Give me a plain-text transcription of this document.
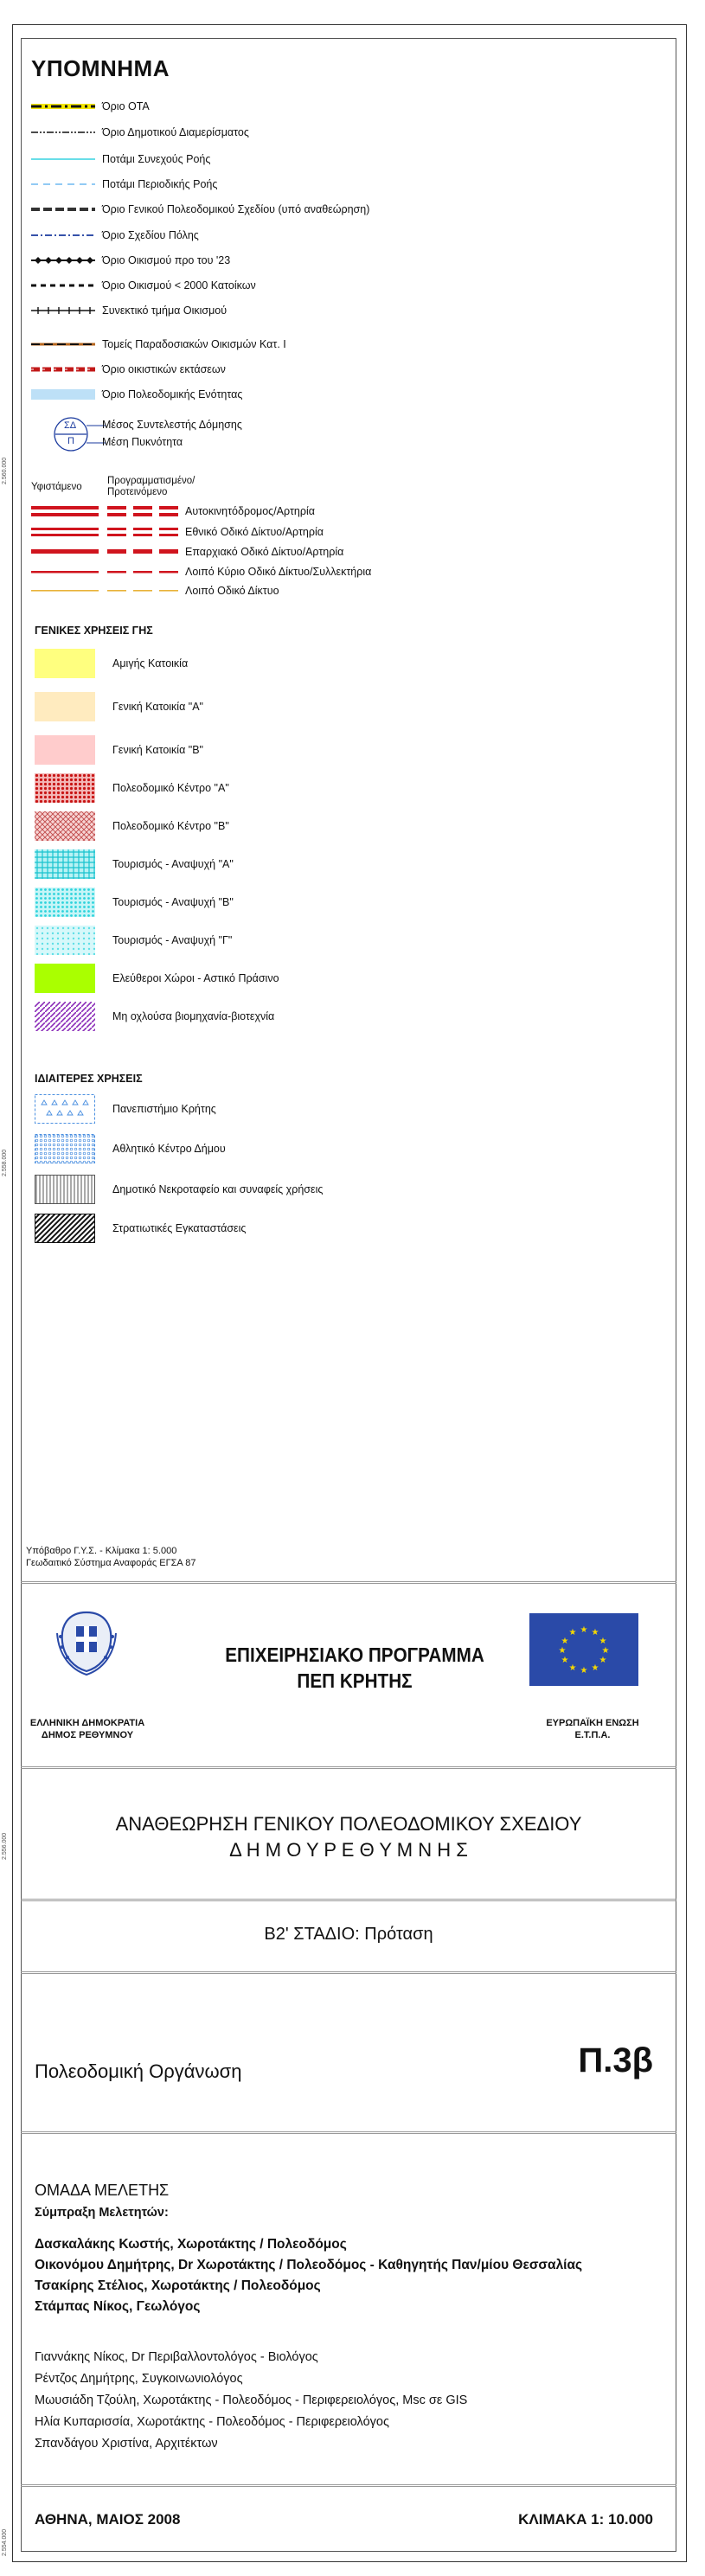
2.560.000
2.558.000
2.556.000
2.554.000
ΥΠΟΜΝΗΜΑ
Όριο ΟΤΑ
Όριο Δημοτικού Διαμερίσματος
Ποτάμι Συνεχούς Ροής
Ποτάμι Περιοδικής Ροής
Όριο Γενικού Πολεοδομικού Σχεδίου (υπό αναθεώρηση)
Όριο Σχεδίου Πόλης
Όριο Οικισμού προ του '23
Όριο Οικισμού < 2000 Κατοίκων
Συνεκτικό τμήμα Οικισμού
Τομείς Παραδοσιακών Οικισμών Κατ. Ι
Όριο οικιστικών εκτάσεων
Όριο Πολεοδομικής Ενότητας
ΣΔ
Π
Μέσος Συντελεστής Δόμησης
Μέση Πυκνότητα
Υφιστάμενο
Προγραμματισμένο/ Προτεινόμενο
Αυτοκινητόδρομος/Αρτηρία
Εθνικό Οδικό Δίκτυο/Αρτηρία
Επαρχιακό Οδικό Δίκτυο/Αρτηρία
Λοιπό Κύριο Οδικό Δίκτυο/Συλλεκτήρια
Λοιπό Οδικό Δίκτυο
ΓΕΝΙΚΕΣ ΧΡΗΣΕΙΣ ΓΗΣ
Αμιγής Κατοικία
Γενική Κατοικία "Α"
Γενική Κατοικία "Β"
Πολεοδομικό Κέντρο "Α"
Πολεοδομικό Κέντρο "Β"
Τουρισμός - Αναψυχή "Α"
Τουρισμός - Αναψυχή "Β"
Τουρισμός - Αναψυχή "Γ"
Ελεύθεροι Χώροι - Αστικό Πράσινο
Μη οχλούσα βιομηχανία-βιοτεχνία
ΙΔΙΑΙΤΕΡΕΣ ΧΡΗΣΕΙΣ
Πανεπιστήμιο Κρήτης
Αθλητικό Κέντρο Δήμου
Δημοτικό Νεκροταφείο και συναφείς χρήσεις
Στρατιωτικές Εγκαταστάσεις
Υπόβαθρο Γ.Υ.Σ. - Κλίμακα 1: 5.000
Γεωδαιτικό Σύστημα Αναφοράς ΕΓΣΑ 87
ΕΠΙΧΕΙΡΗΣΙΑΚΟ ΠΡΟΓΡΑΜΜΑ
ΠΕΠ ΚΡΗΤΗΣ
★ ★
★
★
★
★
★
★
★
★
★
★
ΕΛΛΗΝΙΚΗ ΔΗΜΟΚΡΑΤΙΑ
ΔΗΜΟΣ ΡΕΘΥΜΝΟΥ
ΕΥΡΩΠΑΪΚΗ ΕΝΩΣΗ
Ε.Τ.Π.Α.
ΑΝΑΘΕΩΡΗΣΗ ΓΕΝΙΚΟΥ ΠΟΛΕΟΔΟΜΙΚΟΥ ΣΧΕΔΙΟΥ
Δ Η Μ Ο Υ Ρ Ε Θ Υ Μ Ν Η Σ
Β2' ΣΤΑΔΙΟ: Πρόταση
Πολεοδομική Οργάνωση	Π.3β
ΟΜΑΔΑ ΜΕΛΕΤΗΣ
Σύμπραξη Μελετητών:
Δασκαλάκης Κωστής, Χωροτάκτης / Πολεοδόμος
Οικονόμου Δημήτρης, Dr Χωροτάκτης / Πολεοδόμος - Καθηγητής Παν/μίου Θεσσαλίας
Τσακίρης Στέλιος, Χωροτάκτης / Πολεοδόμος
Στάμπας Νίκος, Γεωλόγος
Γιαννάκης Νίκος, Dr Περιβαλλοντολόγος - Βιολόγος
Ρέντζος Δημήτρης, Συγκοινωνιολόγος
Μωυσιάδη Τζούλη, Χωροτάκτης - Πολεοδόμος - Περιφερειολόγος, Msc σε GIS
Ηλία Κυπαρισσία, Χωροτάκτης - Πολεοδόμος - Περιφερειολόγος
Σπανδάγου Χριστίνα, Αρχιτέκτων
ΑΘΗΝΑ, ΜΑΙΟΣ 2008	ΚΛΙΜΑΚΑ 1: 10.000
